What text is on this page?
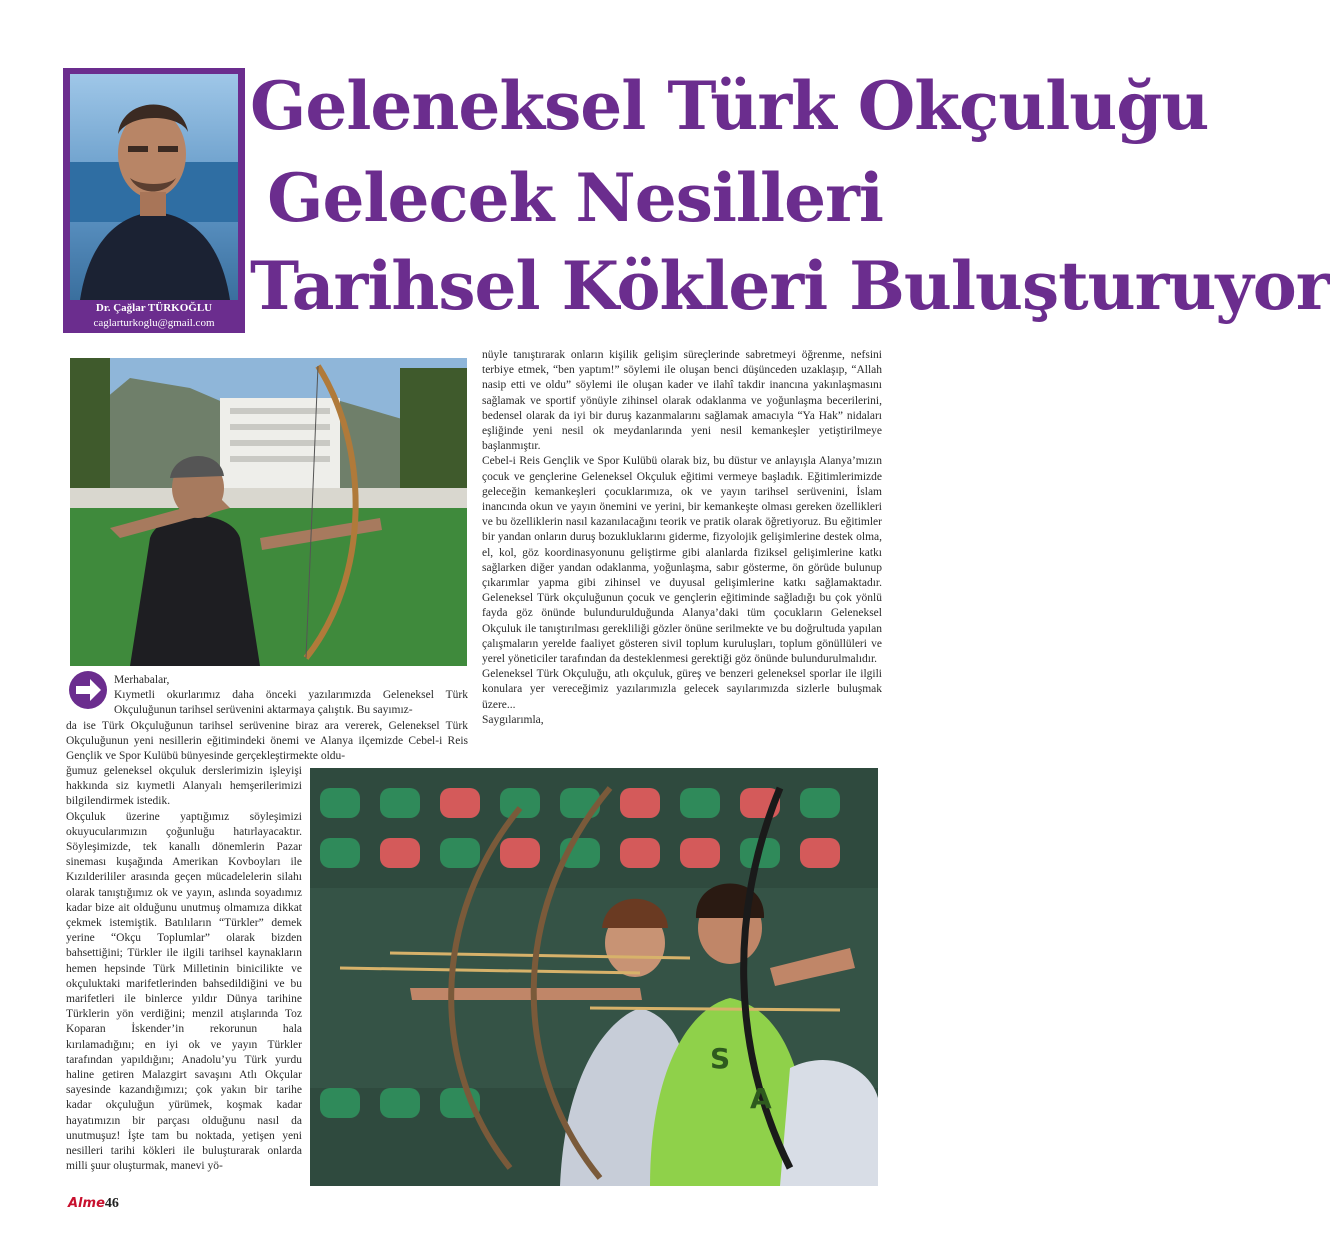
Dr. Çağlar TÜRKOĞLU
caglarturkoglu@gmail.com
Geleneksel Türk Okçuluğu
Gelecek Nesilleri
Tarihsel Kökleri Buluşturuyor

nüyle tanıştırarak onların kişilik gelişim süreçlerinde sabretmeyi öğrenme, nefsini terbiye etmek, “ben yaptım!” söylemi ile oluşan benci düşünceden uzaklaşıp, “Allah nasip etti ve oldu” söylemi ile oluşan kader ve ilahî takdir inancına yakınlaşmasını sağlamak ve sportif yönüyle zihinsel olarak odaklanma ve yoğunlaşma becerilerini, bedensel olarak da iyi bir duruş kazanmalarını sağlamak amacıyla “Ya Hak” nidaları eşliğinde yeni nesil ok meydanlarında yeni nesil kemankeşler yetiştirilmeye başlanmıştır.

Cebel-i Reis Gençlik ve Spor Kulübü olarak biz, bu düstur ve anlayışla Alanya’mızın çocuk ve gençlerine Geleneksel Okçuluk eğitimi vermeye başladık. Eğitimlerimizde geleceğin kemankeşleri çocuklarımıza, ok ve yayın tarihsel serüvenini, İslam inancında okun ve yayın önemini ve yerini, bir kemankeşte olması gereken özellikleri ve bu özelliklerin nasıl kazanılacağını teorik ve pratik olarak öğretiyoruz. Bu eğitimler bir yandan onların duruş bozukluklarını giderme, fizyolojik gelişimlerine destek olma, el, kol, göz koordinasyonunu geliştirme gibi alanlarda fiziksel gelişimlerine katkı sağlarken diğer yandan odaklanma, yoğunlaşma, sabır gösterme, ön görüde bulunup çıkarımlar yapma gibi zihinsel ve duyusal gelişimlerine katkı sağlamaktadır. Geleneksel Türk okçuluğunun çocuk ve gençlerin eğitiminde sağladığı bu çok yönlü fayda göz önünde bulundurulduğunda Alanya’daki tüm çocukların Geleneksel Okçuluk ile tanıştırılması gerekliliği gözler önüne serilmekte ve bu doğrultuda yapılan çalışmaların yerelde faaliyet gösteren sivil toplum kuruluşları, toplum gönüllüleri ve yerel yöneticiler tarafından da desteklenmesi gerektiği göz önünde bulundurulmalıdır.

Geleneksel Türk Okçuluğu, atlı okçuluk, güreş ve benzeri geleneksel sporlar ile ilgili konulara yer vereceğimiz yazılarımızla gelecek sayılarımızda sizlerle buluşmak üzere...

Saygılarımla,

Merhabalar,

Kıymetli okurlarımız daha önceki yazılarımızda Geleneksel Türk Okçuluğunun tarihsel serüvenini aktarmaya çalıştık. Bu sayımız-

da ise Türk Okçuluğunun tarihsel serüvenine biraz ara vererek, Geleneksel Türk Okçuluğunun yeni nesillerin eğitimindeki önemi ve Alanya ilçemizde Cebel-i Reis Gençlik ve Spor Kulübü bünyesinde gerçekleştirmekte oldu-

ğumuz geleneksel okçuluk derslerimizin işleyişi hakkında siz kıymetli Alanyalı hemşerilerimizi bilgilendirmek istedik.

Okçuluk üzerine yaptığımız söyleşimizi okuyucularımızın çoğunluğu hatırlayacaktır. Söyleşimizde, tek kanallı dönemlerin Pazar sineması kuşağında Amerikan Kovboyları ile Kızılderililer arasında geçen mücadelelerin silahı olarak tanıştığımız ok ve yayın, aslında soyadımız kadar bize ait olduğunu unutmuş olmamıza dikkat çekmek istemiştik. Batılıların “Türkler” demek yerine “Okçu Toplumlar” olarak bizden bahsettiğini; Türkler ile ilgili tarihsel kaynakların hemen hepsinde Türk Milletinin binicilikte ve okçuluktaki marifetlerinden bahsedildiğini ve bu marifetleri ile binlerce yıldır Dünya tarihine Türklerin yön verdiğini; menzil atışlarında Toz Koparan İskender’in rekorunun hala kırılamadığını; en iyi ok ve yayın Türkler tarafından yapıldığını; Anadolu’yu Türk yurdu haline getiren Malazgirt savaşını Atlı Okçular sayesinde kazandığımızı; çok yakın bir tarihe kadar okçuluğun yürümek, koşmak kadar hayatımızın bir parçası olduğunu nasıl da unutmuşuz! İşte tam bu noktada, yetişen yeni nesilleri tarihi kökleri ile buluşturarak onlarda milli şuur oluşturmak, manevi yö-

S
A
Alme46
